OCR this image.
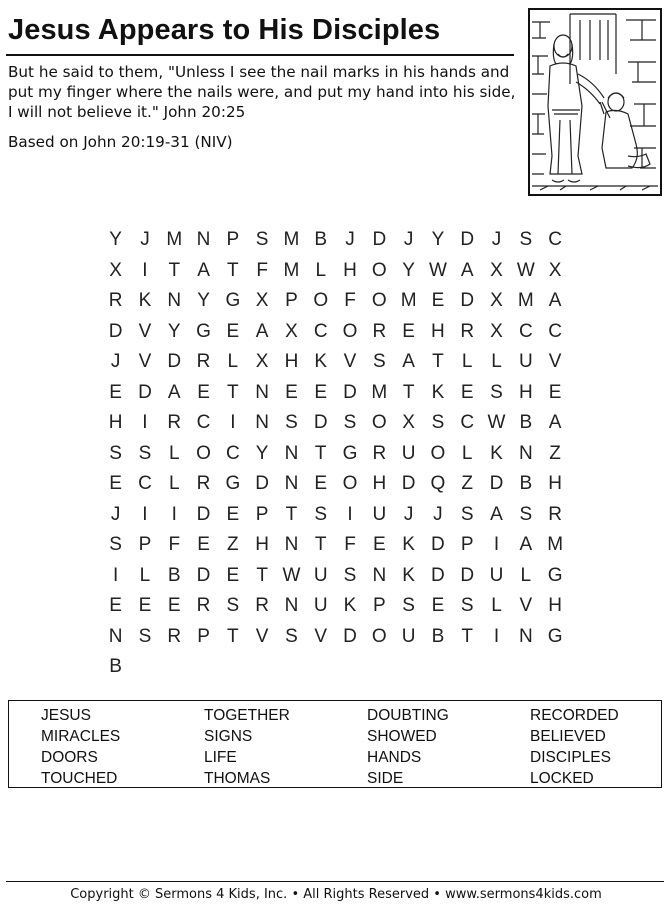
Jesus Appears to His Disciples
But he said to them, "Unless I see the nail marks in his hands and put my finger where the nails were, and put my hand into his side, I will not believe it." John 20:25
Based on John 20:19-31 (NIV)
Y J M N P S M B J D J Y D J S C
X	I	T A T F M L H O Y W A X W X
R K N Y G X P O F O M E D X M A
D V Y G E A X C O R E H R X C C
J V D R L X H K V S A T L L U V
E D A E T N E E D M T K E S H E
H	I	R C	I	N S D S O X S C W B A
S S L O C Y N T G R U O L K N Z
E C L R G D N E O H D Q Z D B H
J	I	I	D E P T S	I	U J	J S A S R
S P F E Z H N T F E K D P	I	A M
I	L B D E T W U S N K D D U L G
E E E R S R N U K P S E S L V H
N S R P T V S V D O U B T	I	N G
B
JESUS	TOGETHER	DOUBTING	RECORDED
MIRACLES	SIGNS	SHOWED	BELIEVED
DOORS	LIFE	HANDS	DISCIPLES
TOUCHED	THOMAS	SIDE	LOCKED
Copyright © Sermons 4 Kids, Inc. • All Rights Reserved • www.sermons4kids.com
